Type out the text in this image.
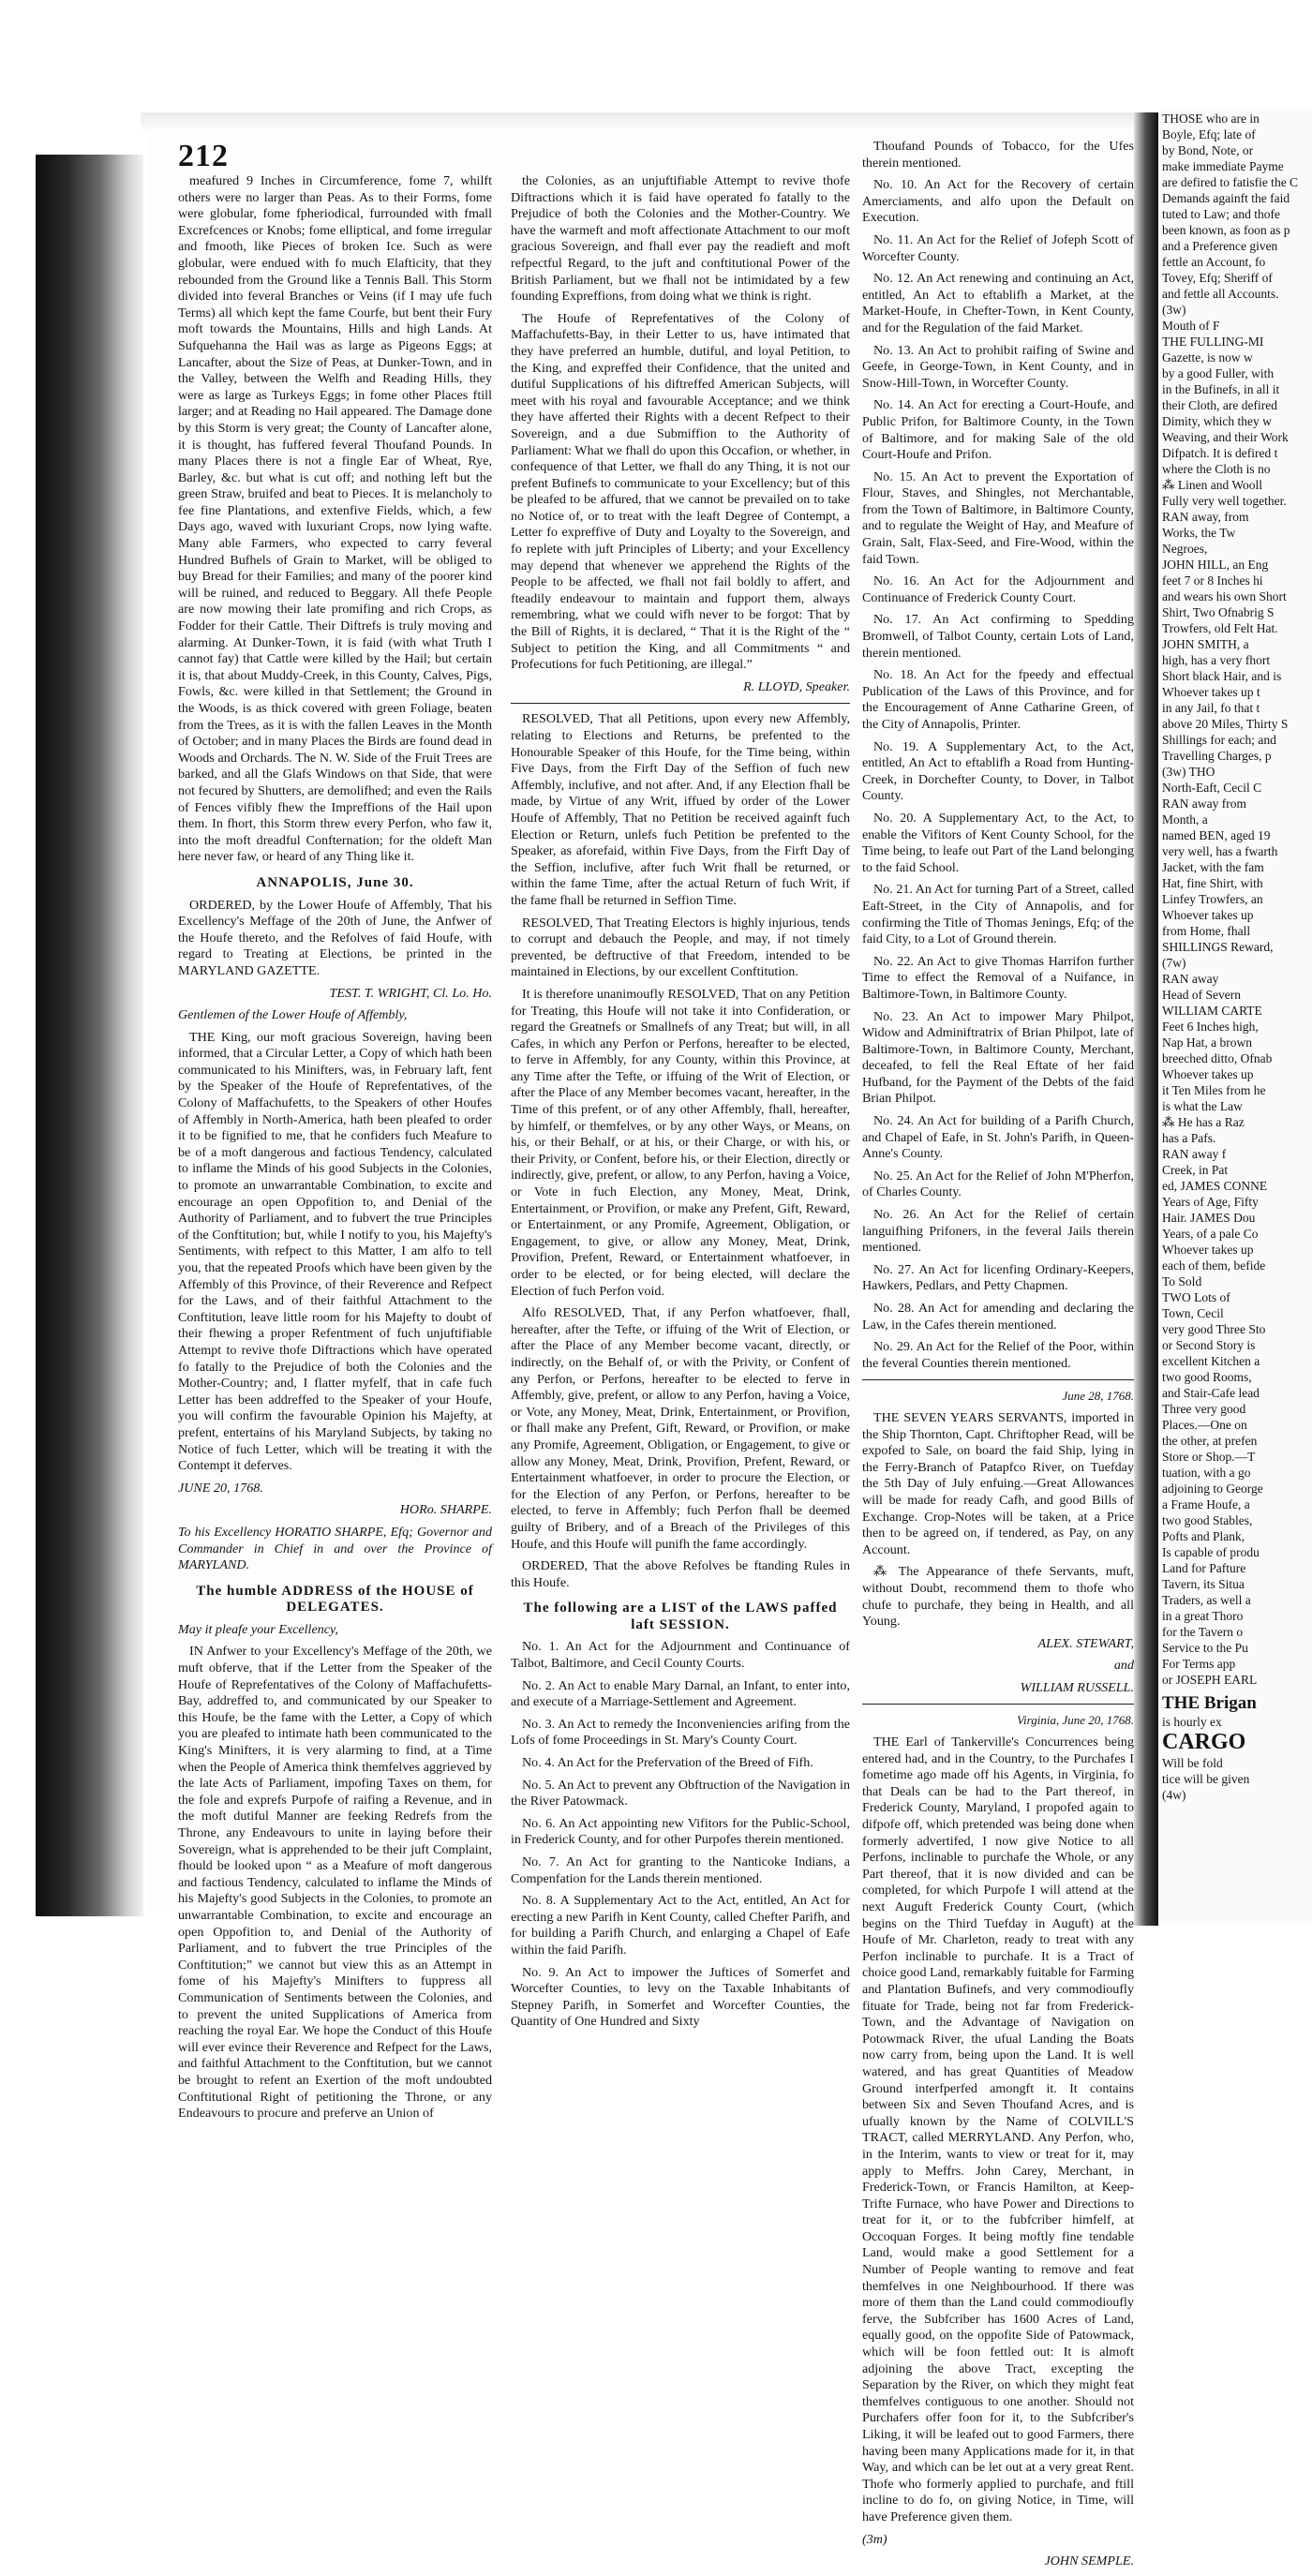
212

meafured 9 Inches in Circumference, fome 7, whilft others were no larger than Peas. As to their Forms, fome were globular, fome fpheriodical, furrounded with fmall Excrefcences or Knobs; fome elliptical, and fome irregular and fmooth, like Pieces of broken Ice. Such as were globular, were endued with fo much Elafticity, that they rebounded from the Ground like a Tennis Ball. This Storm divided into feveral Branches or Veins (if I may ufe fuch Terms) all which kept the fame Courfe, but bent their Fury moft towards the Mountains, Hills and high Lands. At Sufquehanna the Hail was as large as Pigeons Eggs; at Lancafter, about the Size of Peas, at Dunker-Town, and in the Valley, between the Welfh and Reading Hills, they were as large as Turkeys Eggs; in fome other Places ftill larger; and at Reading no Hail appeared. The Damage done by this Storm is very great; the County of Lancafter alone, it is thought, has fuffered feveral Thoufand Pounds. In many Places there is not a fingle Ear of Wheat, Rye, Barley, &c. but what is cut off; and nothing left but the green Straw, bruifed and beat to Pieces. It is melancholy to fee fine Plantations, and extenfive Fields, which, a few Days ago, waved with luxuriant Crops, now lying wafte. Many able Farmers, who expected to carry feveral Hundred Bufhels of Grain to Market, will be obliged to buy Bread for their Families; and many of the poorer kind will be ruined, and reduced to Beggary. All thefe People are now mowing their late promifing and rich Crops, as Fodder for their Cattle. Their Diftrefs is truly moving and alarming. At Dunker-Town, it is faid (with what Truth I cannot fay) that Cattle were killed by the Hail; but certain it is, that about Muddy-Creek, in this County, Calves, Pigs, Fowls, &c. were killed in that Settlement; the Ground in the Woods, is as thick covered with green Foliage, beaten from the Trees, as it is with the fallen Leaves in the Month of October; and in many Places the Birds are found dead in Woods and Orchards. The N. W. Side of the Fruit Trees are barked, and all the Glafs Windows on that Side, that were not fecured by Shutters, are demolifhed; and even the Rails of Fences vifibly fhew the Impreffions of the Hail upon them. In fhort, this Storm threw every Perfon, who faw it, into the moft dreadful Confternation; for the oldeft Man here never faw, or heard of any Thing like it.

ANNAPOLIS, June 30.

ORDERED, by the Lower Houfe of Affembly, That his Excellency's Meffage of the 20th of June, the Anfwer of the Houfe thereto, and the Refolves of faid Houfe, with regard to Treating at Elections, be printed in the MARYLAND GAZETTE.

TEST. T. WRIGHT, Cl. Lo. Ho.

Gentlemen of the Lower Houfe of Affembly,

THE King, our moft gracious Sovereign, having been informed, that a Circular Letter, a Copy of which hath been communicated to his Minifters, was, in February laft, fent by the Speaker of the Houfe of Reprefentatives, of the Colony of Maffachufetts, to the Speakers of other Houfes of Affembly in North-America, hath been pleafed to order it to be fignified to me, that he confiders fuch Meafure to be of a moft dangerous and factious Tendency, calculated to inflame the Minds of his good Subjects in the Colonies, to promote an unwarrantable Combination, to excite and encourage an open Oppofition to, and Denial of the Authority of Parliament, and to fubvert the true Principles of the Conftitution; but, while I notify to you, his Majefty's Sentiments, with refpect to this Matter, I am alfo to tell you, that the repeated Proofs which have been given by the Affembly of this Province, of their Reverence and Refpect for the Laws, and of their faithful Attachment to the Conftitution, leave little room for his Majefty to doubt of their fhewing a proper Refentment of fuch unjuftifiable Attempt to revive thofe Diftractions which have operated fo fatally to the Prejudice of both the Colonies and the Mother-Country; and, I flatter myfelf, that in cafe fuch Letter has been addreffed to the Speaker of your Houfe, you will confirm the favourable Opinion his Majefty, at prefent, entertains of his Maryland Subjects, by taking no Notice of fuch Letter, which will be treating it with the Contempt it deferves.

JUNE 20, 1768.

HORo. SHARPE.

To his Excellency HORATIO SHARPE, Efq; Governor and Commander in Chief in and over the Province of MARYLAND.

The humble ADDRESS of the HOUSE of DELEGATES.

May it pleafe your Excellency,

IN Anfwer to your Excellency's Meffage of the 20th, we muft obferve, that if the Letter from the Speaker of the Houfe of Reprefentatives of the Colony of Maffachufetts-Bay, addreffed to, and communicated by our Speaker to this Houfe, be the fame with the Letter, a Copy of which you are pleafed to intimate hath been communicated to the King's Minifters, it is very alarming to find, at a Time when the People of America think themfelves aggrieved by the late Acts of Parliament, impofing Taxes on them, for the fole and exprefs Purpofe of raifing a Revenue, and in the moft dutiful Manner are feeking Redrefs from the Throne, any Endeavours to unite in laying before their Sovereign, what is apprehended to be their juft Complaint, fhould be looked upon “ as a Meafure of moft dangerous and factious Tendency, calculated to inflame the Minds of his Majefty's good Subjects in the Colonies, to promote an unwarrantable Combination, to excite and encourage an open Oppofition to, and Denial of the Authority of Parliament, and to fubvert the true Principles of the Conftitution;” we cannot but view this as an Attempt in fome of his Majefty's Minifters to fuppress all Communication of Sentiments between the Colonies, and to prevent the united Supplications of America from reaching the royal Ear. We hope the Conduct of this Houfe will ever evince their Reverence and Refpect for the Laws, and faithful Attachment to the Conftitution, but we cannot be brought to refent an Exertion of the moft undoubted Conftitutional Right of petitioning the Throne, or any Endeavours to procure and preferve an Union of

the Colonies, as an unjuftifiable Attempt to revive thofe Diftractions which it is faid have operated fo fatally to the Prejudice of both the Colonies and the Mother-Country. We have the warmeft and moft affectionate Attachment to our moft gracious Sovereign, and fhall ever pay the readieft and moft refpectful Regard, to the juft and conftitutional Power of the British Parliament, but we fhall not be intimidated by a few founding Expreffions, from doing what we think is right.

The Houfe of Reprefentatives of the Colony of Maffachufetts-Bay, in their Letter to us, have intimated that they have preferred an humble, dutiful, and loyal Petition, to the King, and expreffed their Confidence, that the united and dutiful Supplications of his diftreffed American Subjects, will meet with his royal and favourable Acceptance; and we think they have afferted their Rights with a decent Refpect to their Sovereign, and a due Submiffion to the Authority of Parliament: What we fhall do upon this Occafion, or whether, in confequence of that Letter, we fhall do any Thing, it is not our prefent Bufinefs to communicate to your Excellency; but of this be pleafed to be affured, that we cannot be prevailed on to take no Notice of, or to treat with the leaft Degree of Contempt, a Letter fo expreffive of Duty and Loyalty to the Sovereign, and fo replete with juft Principles of Liberty; and your Excellency may depend that whenever we apprehend the Rights of the People to be affected, we fhall not fail boldly to affert, and fteadily endeavour to maintain and fupport them, always remembring, what we could wifh never to be forgot: That by the Bill of Rights, it is declared, “ That it is the Right of the “ Subject to petition the King, and all Commitments “ and Profecutions for fuch Petitioning, are illegal.”

R. LLOYD, Speaker.

RESOLVED, That all Petitions, upon every new Affembly, relating to Elections and Returns, be prefented to the Honourable Speaker of this Houfe, for the Time being, within Five Days, from the Firft Day of the Seffion of fuch new Affembly, inclufive, and not after. And, if any Election fhall be made, by Virtue of any Writ, iffued by order of the Lower Houfe of Affembly, That no Petition be received againft fuch Election or Return, unlefs fuch Petition be prefented to the Speaker, as aforefaid, within Five Days, from the Firft Day of the Seffion, inclufive, after fuch Writ fhall be returned, or within the fame Time, after the actual Return of fuch Writ, if the fame fhall be returned in Seffion Time.

RESOLVED, That Treating Electors is highly injurious, tends to corrupt and debauch the People, and may, if not timely prevented, be deftructive of that Freedom, intended to be maintained in Elections, by our excellent Conftitution.

It is therefore unanimoufly RESOLVED, That on any Petition for Treating, this Houfe will not take it into Confideration, or regard the Greatnefs or Smallnefs of any Treat; but will, in all Cafes, in which any Perfon or Perfons, hereafter to be elected, to ferve in Affembly, for any County, within this Province, at any Time after the Tefte, or iffuing of the Writ of Election, or after the Place of any Member becomes vacant, hereafter, in the Time of this prefent, or of any other Affembly, fhall, hereafter, by himfelf, or themfelves, or by any other Ways, or Means, on his, or their Behalf, or at his, or their Charge, or with his, or their Privity, or Confent, before his, or their Election, directly or indirectly, give, prefent, or allow, to any Perfon, having a Voice, or Vote in fuch Election, any Money, Meat, Drink, Entertainment, or Provifion, or make any Prefent, Gift, Reward, or Entertainment, or any Promife, Agreement, Obligation, or Engagement, to give, or allow any Money, Meat, Drink, Provifion, Prefent, Reward, or Entertainment whatfoever, in order to be elected, or for being elected, will declare the Election of fuch Perfon void.

Alfo RESOLVED, That, if any Perfon whatfoever, fhall, hereafter, after the Tefte, or iffuing of the Writ of Election, or after the Place of any Member become vacant, directly, or indirectly, on the Behalf of, or with the Privity, or Confent of any Perfon, or Perfons, hereafter to be elected to ferve in Affembly, give, prefent, or allow to any Perfon, having a Voice, or Vote, any Money, Meat, Drink, Entertainment, or Provifion, or fhall make any Prefent, Gift, Reward, or Provifion, or make any Promife, Agreement, Obligation, or Engagement, to give or allow any Money, Meat, Drink, Provifion, Prefent, Reward, or Entertainment whatfoever, in order to procure the Election, or for the Election of any Perfon, or Perfons, hereafter to be elected, to ferve in Affembly; fuch Perfon fhall be deemed guilty of Bribery, and of a Breach of the Privileges of this Houfe, and this Houfe will punifh the fame accordingly.

ORDERED, That the above Refolves be ftanding Rules in this Houfe.

The following are a LIST of the LAWS paffed laft SESSION.

No. 1. An Act for the Adjournment and Continuance of Talbot, Baltimore, and Cecil County Courts.

No. 2. An Act to enable Mary Darnal, an Infant, to enter into, and execute of a Marriage-Settlement and Agreement.

No. 3. An Act to remedy the Inconveniencies arifing from the Lofs of fome Proceedings in St. Mary's County Court.

No. 4. An Act for the Prefervation of the Breed of Fifh.

No. 5. An Act to prevent any Obftruction of the Navigation in the River Patowmack.

No. 6. An Act appointing new Vifitors for the Public-School, in Frederick County, and for other Purpofes therein mentioned.

No. 7. An Act for granting to the Nanticoke Indians, a Compenfation for the Lands therein mentioned.

No. 8. A Supplementary Act to the Act, entitled, An Act for erecting a new Parifh in Kent County, called Chefter Parifh, and for building a Parifh Church, and enlarging a Chapel of Eafe within the faid Parifh.

No. 9. An Act to impower the Juftices of Somerfet and Worcefter Counties, to levy on the Taxable Inhabitants of Stepney Parifh, in Somerfet and Worcefter Counties, the Quantity of One Hundred and Sixty

Thoufand Pounds of Tobacco, for the Ufes therein mentioned.

No. 10. An Act for the Recovery of certain Amerciaments, and alfo upon the Default on Execution.

No. 11. An Act for the Relief of Jofeph Scott of Worcefter County.

No. 12. An Act renewing and continuing an Act, entitled, An Act to eftablifh a Market, at the Market-Houfe, in Chefter-Town, in Kent County, and for the Regulation of the faid Market.

No. 13. An Act to prohibit raifing of Swine and Geefe, in George-Town, in Kent County, and in Snow-Hill-Town, in Worcefter County.

No. 14. An Act for erecting a Court-Houfe, and Public Prifon, for Baltimore County, in the Town of Baltimore, and for making Sale of the old Court-Houfe and Prifon.

No. 15. An Act to prevent the Exportation of Flour, Staves, and Shingles, not Merchantable, from the Town of Baltimore, in Baltimore County, and to regulate the Weight of Hay, and Meafure of Grain, Salt, Flax-Seed, and Fire-Wood, within the faid Town.

No. 16. An Act for the Adjournment and Continuance of Frederick County Court.

No. 17. An Act confirming to Spedding Bromwell, of Talbot County, certain Lots of Land, therein mentioned.

No. 18. An Act for the fpeedy and effectual Publication of the Laws of this Province, and for the Encouragement of Anne Catharine Green, of the City of Annapolis, Printer.

No. 19. A Supplementary Act, to the Act, entitled, An Act to eftablifh a Road from Hunting-Creek, in Dorchefter County, to Dover, in Talbot County.

No. 20. A Supplementary Act, to the Act, to enable the Vifitors of Kent County School, for the Time being, to leafe out Part of the Land belonging to the faid School.

No. 21. An Act for turning Part of a Street, called Eaft-Street, in the City of Annapolis, and for confirming the Title of Thomas Jenings, Efq; of the faid City, to a Lot of Ground therein.

No. 22. An Act to give Thomas Harrifon further Time to effect the Removal of a Nuifance, in Baltimore-Town, in Baltimore County.

No. 23. An Act to impower Mary Philpot, Widow and Adminiftratrix of Brian Philpot, late of Baltimore-Town, in Baltimore County, Merchant, deceafed, to fell the Real Eftate of her faid Hufband, for the Payment of the Debts of the faid Brian Philpot.

No. 24. An Act for building of a Parifh Church, and Chapel of Eafe, in St. John's Parifh, in Queen-Anne's County.

No. 25. An Act for the Relief of John M'Pherfon, of Charles County.

No. 26. An Act for the Relief of certain languifhing Prifoners, in the feveral Jails therein mentioned.

No. 27. An Act for licenfing Ordinary-Keepers, Hawkers, Pedlars, and Petty Chapmen.

No. 28. An Act for amending and declaring the Law, in the Cafes therein mentioned.

No. 29. An Act for the Relief of the Poor, within the feveral Counties therein mentioned.

June 28, 1768.

THE SEVEN YEARS SERVANTS, imported in the Ship Thornton, Capt. Chriftopher Read, will be expofed to Sale, on board the faid Ship, lying in the Ferry-Branch of Patapfco River, on Tuefday the 5th Day of July enfuing.—Great Allowances will be made for ready Cafh, and good Bills of Exchange. Crop-Notes will be taken, at a Price then to be agreed on, if tendered, as Pay, on any Account.

⁂ The Appearance of thefe Servants, muft, without Doubt, recommend them to thofe who chufe to purchafe, they being in Health, and all Young.

ALEX. STEWART,

and

WILLIAM RUSSELL.

Virginia, June 20, 1768.

THE Earl of Tankerville's Concurrences being entered had, and in the Country, to the Purchafes I fometime ago made off his Agents, in Virginia, fo that Deals can be had to the Part thereof, in Frederick County, Maryland, I propofed again to difpofe off, which pretended was being done when formerly advertifed, I now give Notice to all Perfons, inclinable to purchafe the Whole, or any Part thereof, that it is now divided and can be completed, for which Purpofe I will attend at the next Auguft Frederick County Court, (which begins on the Third Tuefday in Auguft) at the Houfe of Mr. Charleton, ready to treat with any Perfon inclinable to purchafe. It is a Tract of choice good Land, remarkably fuitable for Farming and Plantation Bufinefs, and very commodioufly fituate for Trade, being not far from Frederick-Town, and the Advantage of Navigation on Potowmack River, the ufual Landing the Boats now carry from, being upon the Land. It is well watered, and has great Quantities of Meadow Ground interfperfed amongft it. It contains between Six and Seven Thoufand Acres, and is ufually known by the Name of COLVILL'S TRACT, called MERRYLAND. Any Perfon, who, in the Interim, wants to view or treat for it, may apply to Meffrs. John Carey, Merchant, in Frederick-Town, or Francis Hamilton, at Keep-Trifte Furnace, who have Power and Directions to treat for it, or to the fubfcriber himfelf, at Occoquan Forges. It being moftly fine tendable Land, would make a good Settlement for a Number of People wanting to remove and feat themfelves in one Neighbourhood. If there was more of them than the Land could commodioufly ferve, the Subfcriber has 1600 Acres of Land, equally good, on the oppofite Side of Patowmack, which will be foon fettled out: It is almoft adjoining the above Tract, excepting the Separation by the River, on which they might feat themfelves contiguous to one another. Should not Purchafers offer foon for it, to the Subfcriber's Liking, it will be leafed out to good Farmers, there having been many Applications made for it, in that Way, and which can be let out at a very great Rent. Thofe who formerly applied to purchafe, and ftill incline to do fo, on giving Notice, in Time, will have Preference given them.

(3m)

JOHN SEMPLE.

THOSE who are in

Boyle, Efq; late of

by Bond, Note, or

make immediate Payme

are defired to fatisfie the C

Demands againft the faid

tuted to Law; and thofe

been known, as foon as p

and a Preference given

fettle an Account, fo

Tovey, Efq; Sheriff of

and fettle all Accounts.

(3w)

Mouth of F

THE FULLING-MI

Gazette, is now w

by a good Fuller, with

in the Bufinefs, in all it

their Cloth, are defired

Dimity, which they w

Weaving, and their Work

Difpatch. It is defired t

where the Cloth is no

⁂ Linen and Wooll

Fully very well together.

RAN away, from

Works, the Tw

Negroes,

JOHN HILL, an Eng

feet 7 or 8 Inches hi

and wears his own Short

Shirt, Two Ofnabrig S

Trowfers, old Felt Hat.

JOHN SMITH, a

high, has a very fhort

Short black Hair, and is

Whoever takes up t

in any Jail, fo that t

above 20 Miles, Thirty S

Shillings for each; and

Travelling Charges, p

(3w) THO

North-Eaft, Cecil C

RAN away from

Month, a

named BEN, aged 19

very well, has a fwarth

Jacket, with the fam

Hat, fine Shirt, with

Linfey Trowfers, an

Whoever takes up

from Home, fhall

SHILLINGS Reward,

(7w)

RAN away

Head of Severn

WILLIAM CARTE

Feet 6 Inches high,

Nap Hat, a brown

breeched ditto, Ofnab

Whoever takes up

it Ten Miles from he

is what the Law

⁂ He has a Raz

has a Pafs.

RAN away f

Creek, in Pat

ed, JAMES CONNE

Years of Age, Fifty

Hair. JAMES Dou

Years, of a pale Co

Whoever takes up

each of them, befide

To Sold

TWO Lots of

Town, Cecil

very good Three Sto

or Second Story is

excellent Kitchen a

two good Rooms,

and Stair-Cafe lead

Three very good

Places.—One on

the other, at prefen

Store or Shop.—T

tuation, with a go

adjoining to George

a Frame Houfe, a

two good Stables,

Pofts and Plank,

Is capable of produ

Land for Pafture

Tavern, its Situa

Traders, as well a

in a great Thoro

for the Tavern o

Service to the Pu

For Terms app

or JOSEPH EARL

THE Brigan

is hourly ex

CARGO

Will be fold

tice will be given

(4w)
